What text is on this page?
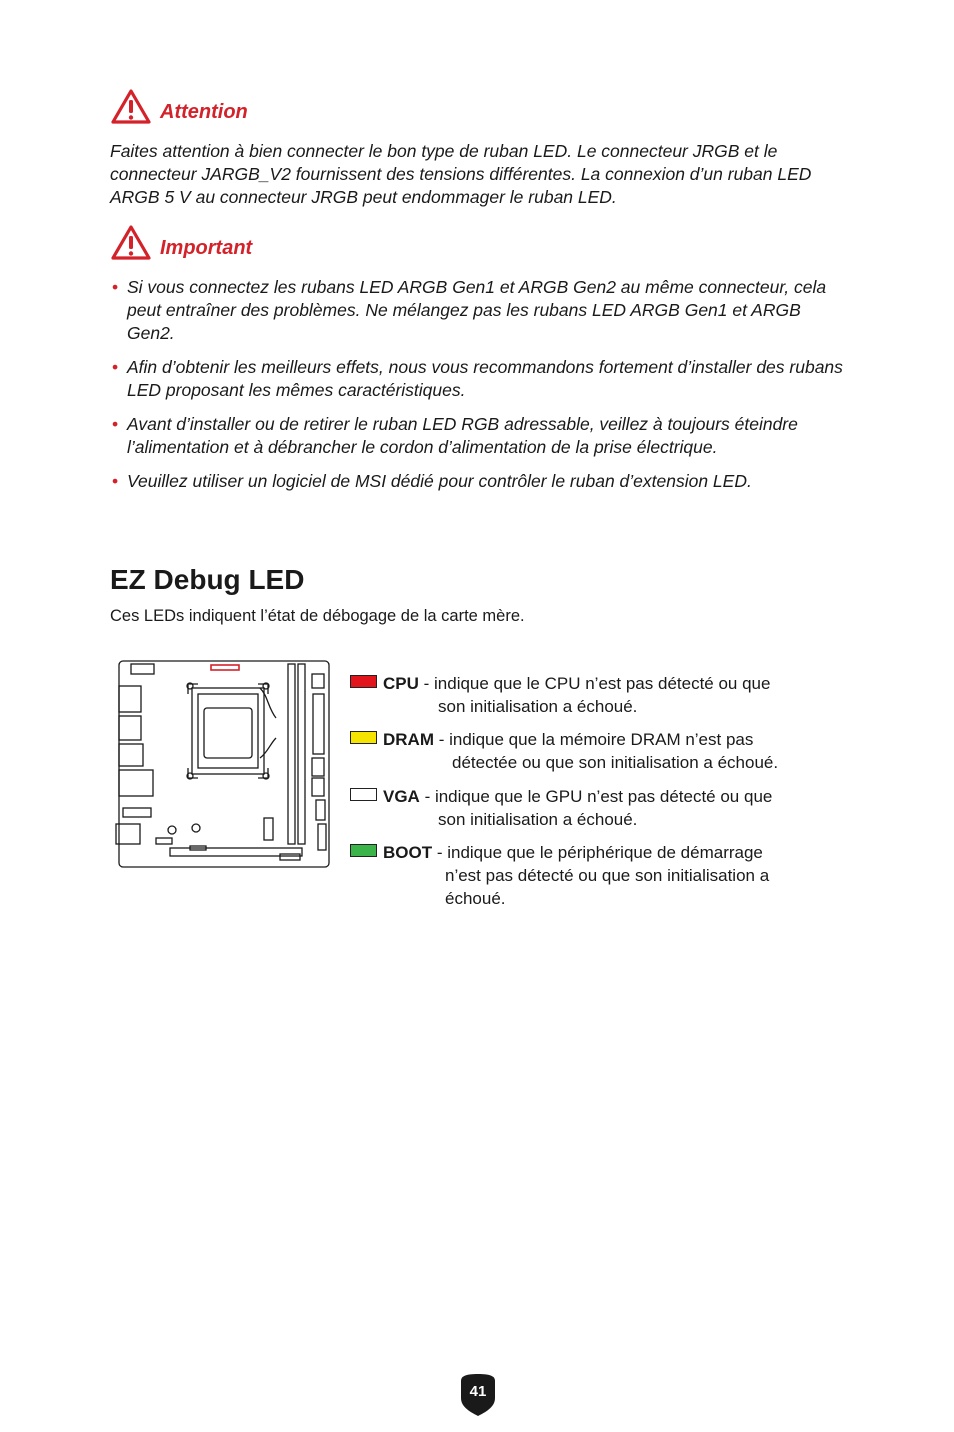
Attention
Faites attention à bien connecter le bon type de ruban LED. Le connecteur JRGB et le connecteur JARGB_V2 fournissent des tensions différentes. La connexion d’un ruban LED ARGB 5 V au connecteur JRGB peut endommager le ruban LED.
Important
• Si vous connectez les rubans LED ARGB Gen1 et ARGB Gen2 au même connecteur, cela peut entraîner des problèmes. Ne mélangez pas les rubans LED ARGB Gen1 et ARGB Gen2.
• Afin d’obtenir les meilleurs effets, nous vous recommandons fortement d’installer des rubans LED proposant les mêmes caractéristiques.
• Avant d’installer ou de retirer le ruban LED RGB adressable, veillez à toujours éteindre l’alimentation et à débrancher le cordon d’alimentation de la prise électrique.
• Veuillez utiliser un logiciel de MSI dédié pour contrôler le ruban d’extension LED.
EZ Debug LED
Ces LEDs indiquent l’état de débogage de la carte mère.
CPU - indique que le CPU n’est pas détecté ou que
son initialisation a échoué.
DRAM - indique que la mémoire DRAM n’est pas
détectée ou que son initialisation a échoué.
VGA - indique que le GPU n’est pas détecté ou que
son initialisation a échoué.
BOOT - indique que le périphérique de démarrage
n’est pas détecté ou que son initialisation a
échoué.
41
